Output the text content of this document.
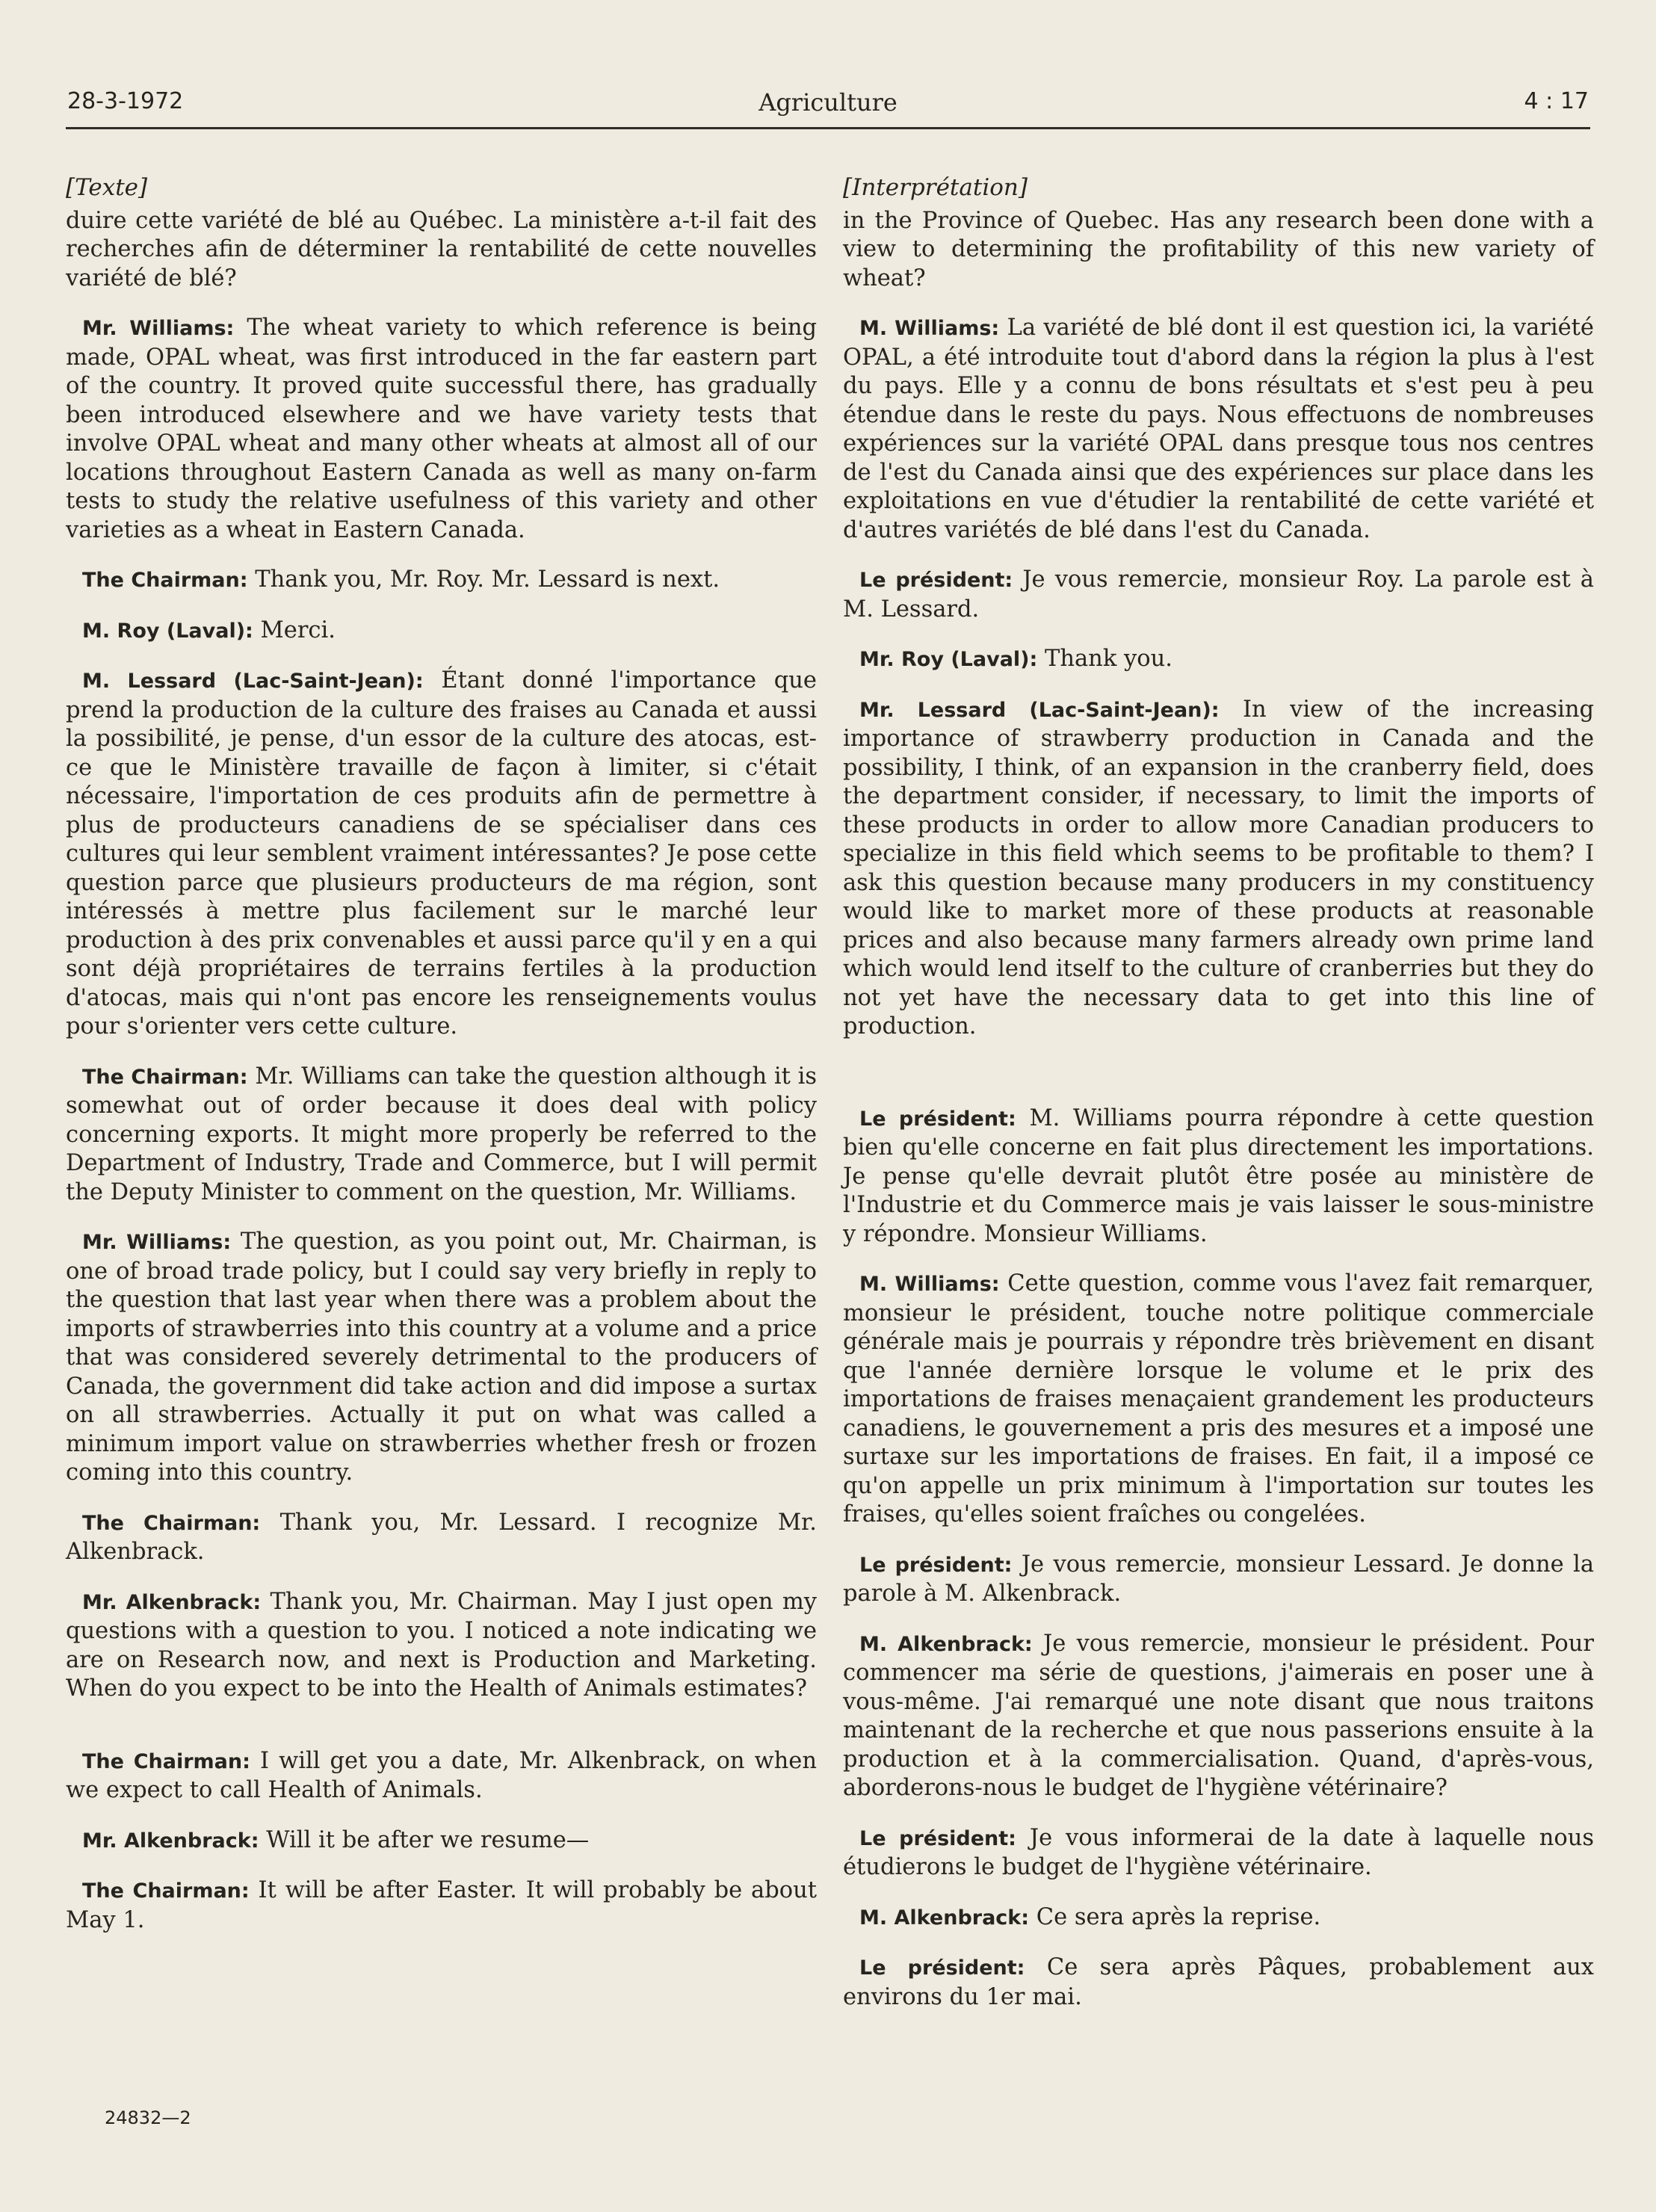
28-3-1972	Agriculture	4 : 17
[Texte]

duire cette variété de blé au Québec. La ministère a-t-il fait des recherches afin de déterminer la rentabilité de cette nouvelles variété de blé?

Mr. Williams: The wheat variety to which reference is being made, OPAL wheat, was first introduced in the far eastern part of the country. It proved quite successful there, has gradually been introduced elsewhere and we have variety tests that involve OPAL wheat and many other wheats at almost all of our locations throughout Eastern Canada as well as many on-farm tests to study the relative usefulness of this variety and other varieties as a wheat in Eastern Canada.

The Chairman: Thank you, Mr. Roy. Mr. Lessard is next.

M. Roy (Laval): Merci.

M. Lessard (Lac-Saint-Jean): Étant donné l'importance que prend la production de la culture des fraises au Canada et aussi la possibilité, je pense, d'un essor de la culture des atocas, est-ce que le Ministère travaille de façon à limiter, si c'était nécessaire, l'importation de ces produits afin de permettre à plus de producteurs canadiens de se spécialiser dans ces cultures qui leur semblent vraiment intéressantes? Je pose cette question parce que plusieurs producteurs de ma région, sont intéressés à mettre plus facilement sur le marché leur production à des prix convenables et aussi parce qu'il y en a qui sont déjà propriétaires de terrains fertiles à la production d'atocas, mais qui n'ont pas encore les renseignements voulus pour s'orienter vers cette culture.

The Chairman: Mr. Williams can take the question although it is somewhat out of order because it does deal with policy concerning exports. It might more properly be referred to the Department of Industry, Trade and Commerce, but I will permit the Deputy Minister to comment on the question, Mr. Williams.

Mr. Williams: The question, as you point out, Mr. Chairman, is one of broad trade policy, but I could say very briefly in reply to the question that last year when there was a problem about the imports of strawberries into this country at a volume and a price that was considered severely detrimental to the producers of Canada, the government did take action and did impose a surtax on all strawberries. Actually it put on what was called a minimum import value on strawberries whether fresh or frozen coming into this country.

The Chairman: Thank you, Mr. Lessard. I recognize Mr. Alkenbrack.

Mr. Alkenbrack: Thank you, Mr. Chairman. May I just open my questions with a question to you. I noticed a note indicating we are on Research now, and next is Production and Marketing. When do you expect to be into the Health of Animals estimates?

The Chairman: I will get you a date, Mr. Alkenbrack, on when we expect to call Health of Animals.

Mr. Alkenbrack: Will it be after we resume—

The Chairman: It will be after Easter. It will probably be about May 1.

[Interprétation]

in the Province of Quebec. Has any research been done with a view to determining the profitability of this new variety of wheat?

M. Williams: La variété de blé dont il est question ici, la variété OPAL, a été introduite tout d'abord dans la région la plus à l'est du pays. Elle y a connu de bons résultats et s'est peu à peu étendue dans le reste du pays. Nous effectuons de nombreuses expériences sur la variété OPAL dans presque tous nos centres de l'est du Canada ainsi que des expériences sur place dans les exploitations en vue d'étudier la rentabilité de cette variété et d'autres variétés de blé dans l'est du Canada.

Le président: Je vous remercie, monsieur Roy. La parole est à M. Lessard.

Mr. Roy (Laval): Thank you.

Mr. Lessard (Lac-Saint-Jean): In view of the increasing importance of strawberry production in Canada and the possibility, I think, of an expansion in the cranberry field, does the department consider, if necessary, to limit the imports of these products in order to allow more Canadian producers to specialize in this field which seems to be profitable to them? I ask this question because many producers in my constituency would like to market more of these products at reasonable prices and also because many farmers already own prime land which would lend itself to the culture of cranberries but they do not yet have the necessary data to get into this line of production.

Le président: M. Williams pourra répondre à cette question bien qu'elle concerne en fait plus directement les importations. Je pense qu'elle devrait plutôt être posée au ministère de l'Industrie et du Commerce mais je vais laisser le sous-ministre y répondre. Monsieur Williams.

M. Williams: Cette question, comme vous l'avez fait remarquer, monsieur le président, touche notre politique commerciale générale mais je pourrais y répondre très brièvement en disant que l'année dernière lorsque le volume et le prix des importations de fraises menaçaient grandement les producteurs canadiens, le gouvernement a pris des mesures et a imposé une surtaxe sur les importations de fraises. En fait, il a imposé ce qu'on appelle un prix minimum à l'importation sur toutes les fraises, qu'elles soient fraîches ou congelées.

Le président: Je vous remercie, monsieur Lessard. Je donne la parole à M. Alkenbrack.

M. Alkenbrack: Je vous remercie, monsieur le président. Pour commencer ma série de questions, j'aimerais en poser une à vous-même. J'ai remarqué une note disant que nous traitons maintenant de la recherche et que nous passerions ensuite à la production et à la commercialisation. Quand, d'après-vous, aborderons-nous le budget de l'hygiène vétérinaire?

Le président: Je vous informerai de la date à laquelle nous étudierons le budget de l'hygiène vétérinaire.

M. Alkenbrack: Ce sera après la reprise.

Le président: Ce sera après Pâques, probablement aux environs du 1er mai.

24832—2
